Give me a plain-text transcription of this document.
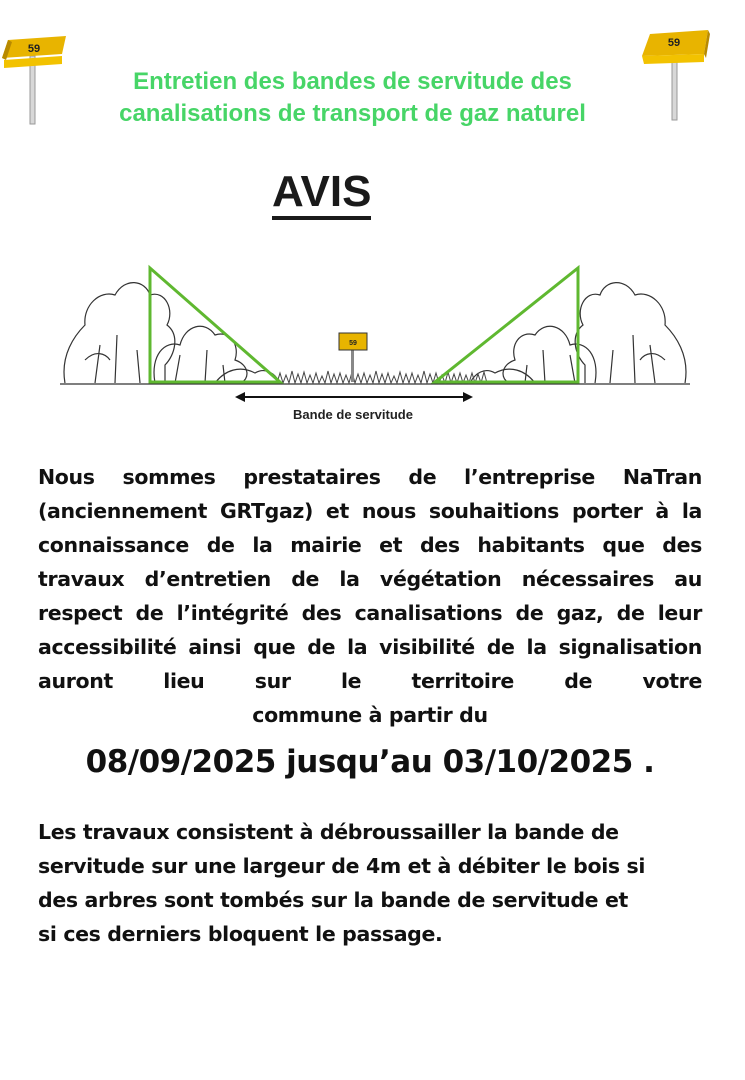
59	59
Entretien des bandes de servitude des
canalisations de transport de gaz naturel
AVIS
59
Bande de servitude

Nous sommes prestataires de l’entreprise NaTran (anciennement GRTgaz) et nous souhaitions porter à la connaissance de la mairie et des habitants que des travaux d’entretien de la végétation nécessaires au respect de l’intégrité des canalisations de gaz, de leur accessibilité ainsi que de la visibilité de la signalisation auront lieu sur le territoire de votre

commune à partir du

08/09/2025 jusqu’au 03/10/2025 .

Les travaux consistent à débroussailler la bande de
servitude sur une largeur de 4m et à débiter le bois si
des arbres sont tombés sur la bande de servitude et
si ces derniers bloquent le passage.
